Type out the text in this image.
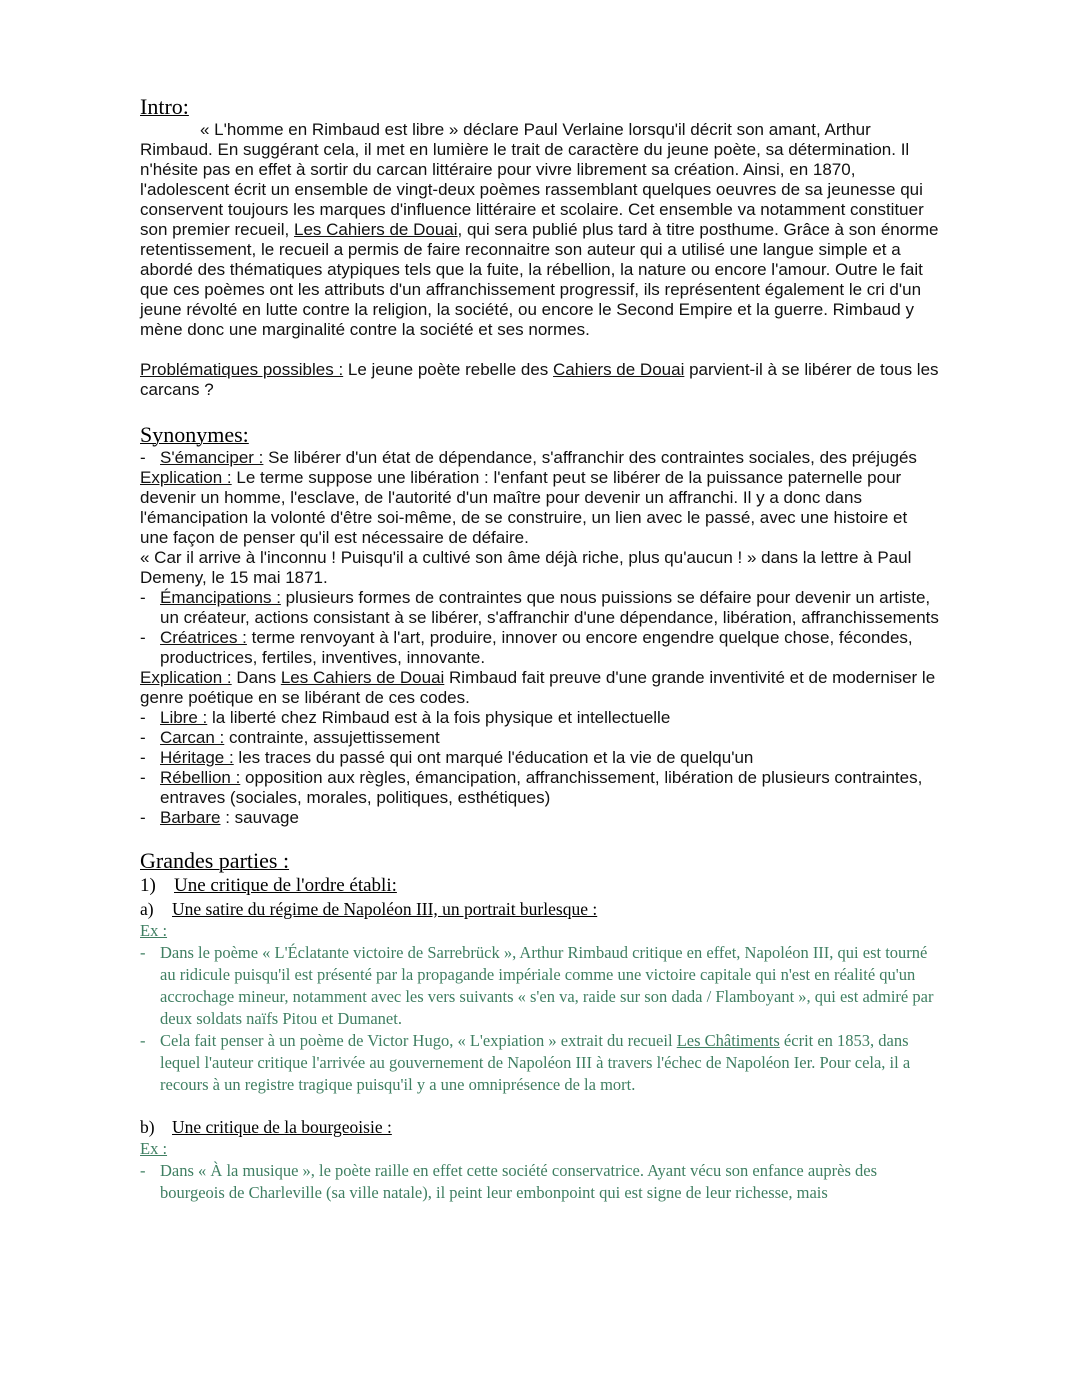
Intro:

« L'homme en Rimbaud est libre » déclare Paul Verlaine lorsqu'il décrit son amant, Arthur Rimbaud. En suggérant cela, il met en lumière le trait de caractère du jeune poète, sa détermination. Il n'hésite pas en effet à sortir du carcan littéraire pour vivre librement sa création. Ainsi, en 1870, l'adolescent écrit un ensemble de vingt-deux poèmes rassemblant quelques oeuvres de sa jeunesse qui conservent toujours les marques d'influence littéraire et scolaire. Cet ensemble va notamment constituer son premier recueil, Les Cahiers de Douai, qui sera publié plus tard à titre posthume. Grâce à son énorme retentissement, le recueil a permis de faire reconnaitre son auteur qui a utilisé une langue simple et a abordé des thématiques atypiques tels que la fuite, la rébellion, la nature ou encore l'amour. Outre le fait que ces poèmes ont les attributs d'un affranchissement progressif, ils représentent également le cri d'un jeune révolté en lutte contre la religion, la société, ou encore le Second Empire et la guerre. Rimbaud y mène donc une marginalité contre la société et ses normes.

Problématiques possibles : Le jeune poète rebelle des Cahiers de Douai parvient-il à se libérer de tous les carcans ?

Synonymes:
- S'émanciper : Se libérer d'un état de dépendance, s'affranchir des contraintes sociales, des préjugés

Explication : Le terme suppose une libération : l'enfant peut se libérer de la puissance paternelle pour devenir un homme, l'esclave, de l'autorité d'un maître pour devenir un affranchi. Il y a donc dans l'émancipation la volonté d'être soi-même, de se construire, un lien avec le passé, avec une histoire et une façon de penser qu'il est nécessaire de défaire.

« Car il arrive à l'inconnu ! Puisqu'il a cultivé son âme déjà riche, plus qu'aucun ! » dans la lettre à Paul Demeny, le 15 mai 1871.

- Émancipations : plusieurs formes de contraintes que nous puissions se défaire pour devenir un artiste, un créateur, actions consistant à se libérer, s'affranchir d'une dépendance, libération, affranchissements
- Créatrices : terme renvoyant à l'art, produire, innover ou encore engendre quelque chose, fécondes, productrices, fertiles, inventives, innovante.

Explication : Dans Les Cahiers de Douai Rimbaud fait preuve d'une grande inventivité et de moderniser le genre poétique en se libérant de ces codes.

- Libre : la liberté chez Rimbaud est à la fois physique et intellectuelle
- Carcan : contrainte, assujettissement
- Héritage : les traces du passé qui ont marqué l'éducation et la vie de quelqu'un
- Rébellion : opposition aux règles, émancipation, affranchissement, libération de plusieurs contraintes, entraves (sociales, morales, politiques, esthétiques)
- Barbare : sauvage
Grandes parties :
1) Une critique de l'ordre établi:
a) Une satire du régime de Napoléon III, un portrait burlesque :
Ex :
- Dans le poème « L'Éclatante victoire de Sarrebrück », Arthur Rimbaud critique en effet, Napoléon III, qui est tourné au ridicule puisqu'il est présenté par la propagande impériale comme une victoire capitale qui n'est en réalité qu'un accrochage mineur, notamment avec les vers suivants « s'en va, raide sur son dada / Flamboyant », qui est admiré par deux soldats naïfs Pitou et Dumanet.
- Cela fait penser à un poème de Victor Hugo, « L'expiation » extrait du recueil Les Châtiments écrit en 1853, dans lequel l'auteur critique l'arrivée au gouvernement de Napoléon III à travers l'échec de Napoléon Ier. Pour cela, il a recours à un registre tragique puisqu'il y a une omniprésence de la mort.
b) Une critique de la bourgeoisie :
Ex :
- Dans « À la musique », le poète raille en effet cette société conservatrice. Ayant vécu son enfance auprès des bourgeois de Charleville (sa ville natale), il peint leur embonpoint qui est signe de leur richesse, mais
